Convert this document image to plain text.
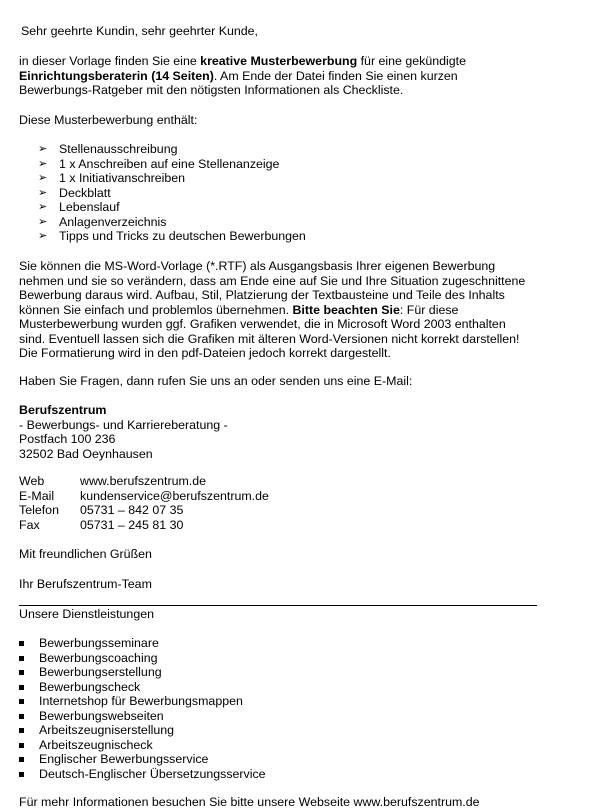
Sehr geehrte Kundin, sehr geehrter Kunde,

in dieser Vorlage finden Sie eine kreative Musterbewerbung für eine gekündigte

Einrichtungsberaterin (14 Seiten). Am Ende der Datei finden Sie einen kurzen

Bewerbungs-Ratgeber mit den nötigsten Informationen als Checkliste.

Diese Musterbewerbung enthält:

➢ Stellenausschreibung
➢ 1 x Anschreiben auf eine Stellenanzeige
➢ 1 x Initiativanschreiben
➢ Deckblatt
➢ Lebenslauf
➢ Anlagenverzeichnis
➢ Tipps und Tricks zu deutschen Bewerbungen

Sie können die MS-Word-Vorlage (*.RTF) als Ausgangsbasis Ihrer eigenen Bewerbung

nehmen und sie so verändern, dass am Ende eine auf Sie und Ihre Situation zugeschnittene

Bewerbung daraus wird. Aufbau, Stil, Platzierung der Textbausteine und Teile des Inhalts

können Sie einfach und problemlos übernehmen. Bitte beachten Sie: Für diese

Musterbewerbung wurden ggf. Grafiken verwendet, die in Microsoft Word 2003 enthalten

sind. Eventuell lassen sich die Grafiken mit älteren Word-Versionen nicht korrekt darstellen!

Die Formatierung wird in den pdf-Dateien jedoch korrekt dargestellt.

Haben Sie Fragen, dann rufen Sie uns an oder senden uns eine E-Mail:

Berufszentrum

- Bewerbungs- und Karriereberatung -

Postfach 100 236

32502 Bad Oeynhausen

Web	www.berufszentrum.de
E-Mail	kundenservice@berufszentrum.de
Telefon	05731 – 842 07 35
Fax	05731 – 245 81 30

Mit freundlichen Grüßen

Ihr Berufszentrum-Team

Unsere Dienstleistungen

Bewerbungsseminare
Bewerbungscoaching
Bewerbungserstellung
Bewerbungscheck
Internetshop für Bewerbungsmappen
Bewerbungswebseiten
Arbeitszeugniserstellung
Arbeitszeugnischeck
Englischer Bewerbungsservice
Deutsch-Englischer Übersetzungsservice

Für mehr Informationen besuchen Sie bitte unsere Webseite www.berufszentrum.de
